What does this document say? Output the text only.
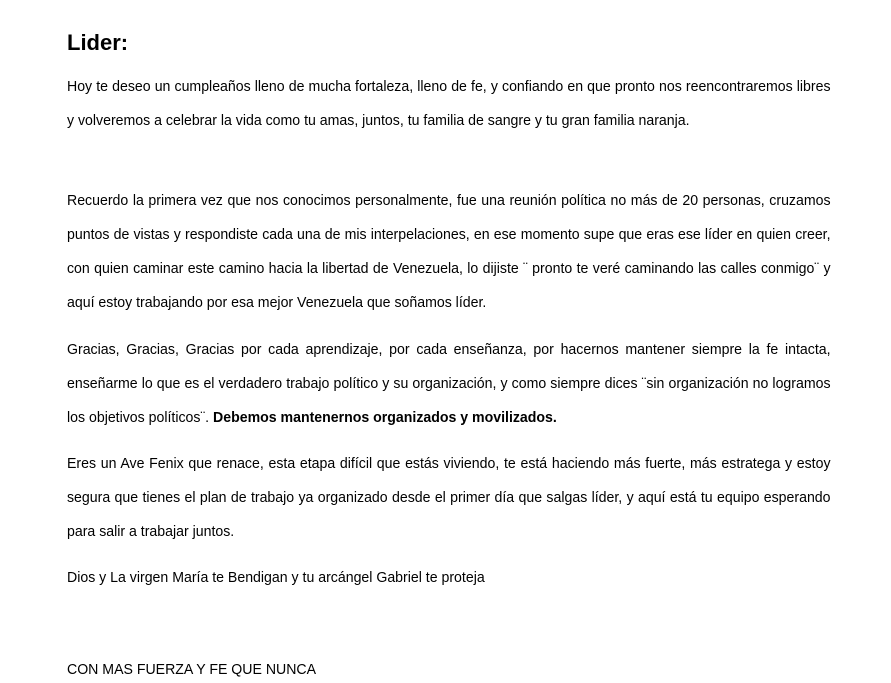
Lider:

Hoy te deseo un cumpleaños lleno de mucha fortaleza, lleno de fe, y confiando en que pronto nos reencontraremos libres y volveremos a celebrar la vida como tu amas, juntos, tu familia de sangre y tu gran familia naranja.

Recuerdo la primera vez que nos conocimos personalmente, fue una reunión política no más de 20 personas, cruzamos puntos de vistas y respondiste cada una de mis interpelaciones, en ese momento supe que eras ese líder en quien creer, con quien caminar este camino hacia la libertad de Venezuela, lo dijiste ¨ pronto te veré caminando las calles conmigo¨ y aquí estoy trabajando por esa mejor Venezuela que soñamos líder.

Gracias, Gracias, Gracias por cada aprendizaje, por cada enseñanza, por hacernos mantener siempre la fe intacta, enseñarme lo que es el verdadero trabajo político y su organización, y como siempre dices ¨sin organización no logramos los objetivos políticos¨. Debemos mantenernos organizados y movilizados.

Eres un Ave Fenix que renace, esta etapa difícil que estás viviendo, te está haciendo más fuerte, más estratega y estoy segura que tienes el plan de trabajo ya organizado desde el primer día que salgas líder, y aquí está tu equipo esperando para salir a trabajar juntos.

Dios y La virgen María te Bendigan y tu arcángel Gabriel te proteja

CON MAS FUERZA Y FE QUE NUNCA
